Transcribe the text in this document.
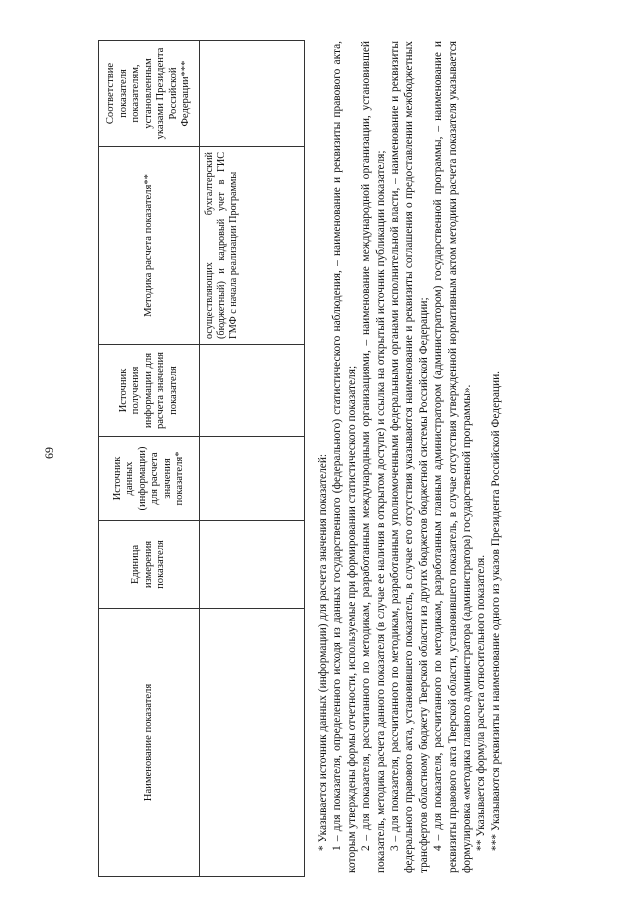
69
Наименование показателя	Единица измерения показателя	Источник данных (информации) для расчета значения показателя*	Источник получения информации для расчета значения показателя	Методика расчета показателя**	Соответствие показателя показателям, установленным указами Президента Российской Федерации***
				осуществляющих бухгалтерский (бюджетный) и кадровый учет в ГИС ГМФ с начала реализации Программы	

* Указывается источник данных (информации) для расчета значения показателей: 1 – для показателя, определенного исходя из данных государственного (федерального) статистического наблюдения, – наименование и реквизиты правового акта, которым утверждены формы отчетности, используемые при формировании статистического показателя; 2 – для показателя, рассчитанного по методикам, разработанным международными организациями, – наименование международной организации, установившей показатель, методика расчета данного показателя (в случае ее наличия в открытом доступе) и ссылка на открытый источник публикации показателя; 3 – для показателя, рассчитанного по методикам, разработанным уполномоченными федеральными органами исполнительной власти, – наименование и реквизиты федерального правового акта, установившего показатель, в случае его отсутствия указываются наименование и реквизиты соглашения о предоставлении межбюджетных трансфертов областному бюджету Тверской области из других бюджетов бюджетной системы Российской Федерации; 4 – для показателя, рассчитанного по методикам, разработанным главным администратором (администратором) государственной программы, – наименование и реквизиты правового акта Тверской области, установившего показатель, в случае отсутствия утвержденной нормативным актом методики расчета показателя указывается формулировка «методика главного администратора (администратора) государственной программы». ** Указывается формула расчета относительного показателя. *** Указываются реквизиты и наименование одного из указов Президента Российской Федерации.
